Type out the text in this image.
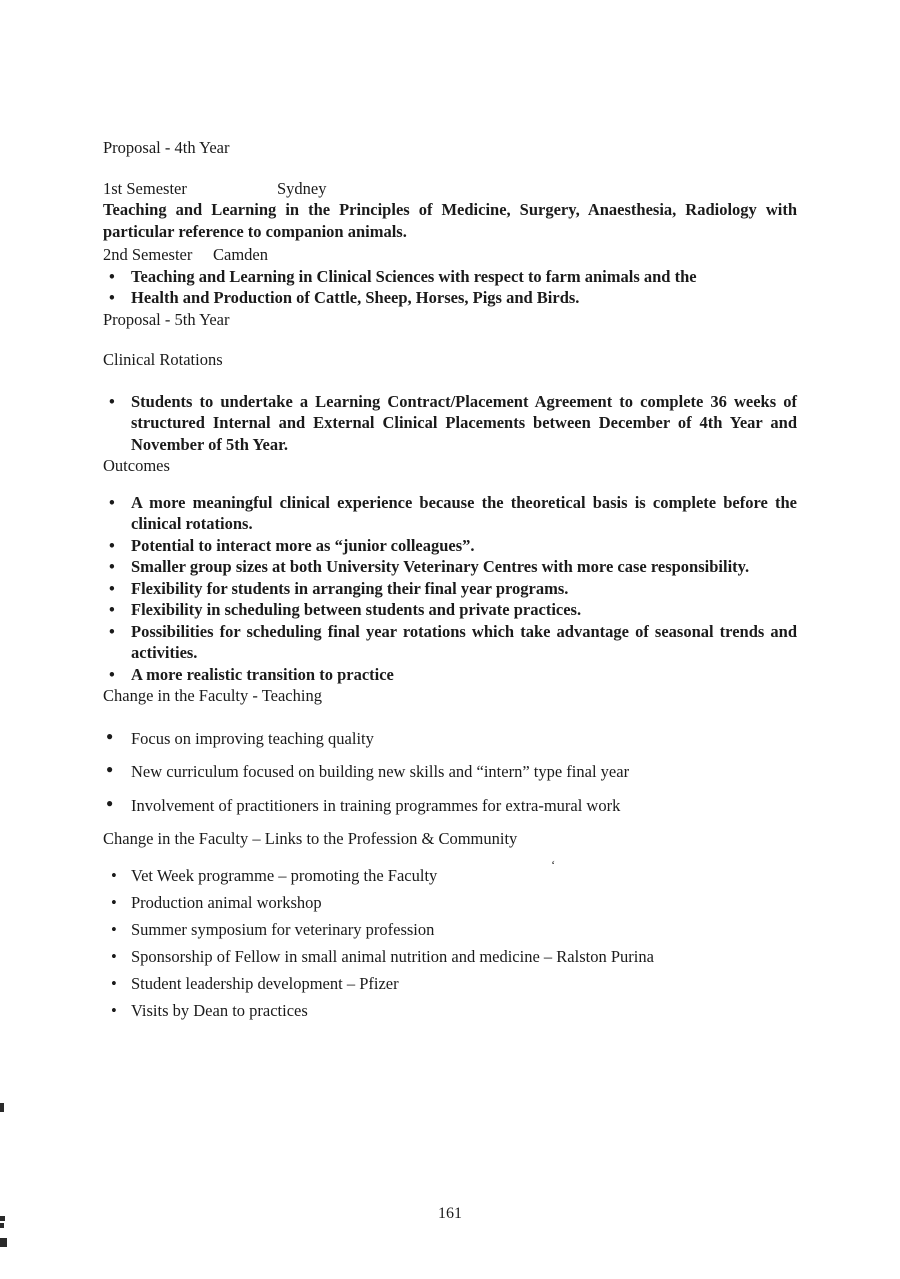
Proposal - 4th Year
1st Semester	Sydney
Teaching and Learning in the Principles of Medicine, Surgery, Anaesthesia, Radiology with particular reference to companion animals.
2nd Semester Camden
• Teaching and Learning in Clinical Sciences with respect to farm animals and the
• Health and Production of Cattle, Sheep, Horses, Pigs and Birds.
Proposal - 5th Year
Clinical Rotations
• Students to undertake a Learning Contract/Placement Agreement to complete 36 weeks of structured Internal and External Clinical Placements between December of 4th Year and November of 5th Year.
Outcomes
• A more meaningful clinical experience because the theoretical basis is complete before the clinical rotations.
• Potential to interact more as “junior colleagues”.
• Smaller group sizes at both University Veterinary Centres with more case responsibility.
• Flexibility for students in arranging their final year programs.
• Flexibility in scheduling between students and private practices.
• Possibilities for scheduling final year rotations which take advantage of seasonal trends and activities.
• A more realistic transition to practice
Change in the Faculty - Teaching
● Focus on improving teaching quality
● New curriculum focused on building new skills and “intern” type final year
● Involvement of practitioners in training programmes for extra-mural work
Change in the Faculty – Links to the Profession & Community
• Vet Week programme – promoting the Faculty
• Production animal workshop
• Summer symposium for veterinary profession
• Sponsorship of Fellow in small animal nutrition and medicine – Ralston Purina
• Student leadership development – Pfizer
• Visits by Dean to practices
‘
161
